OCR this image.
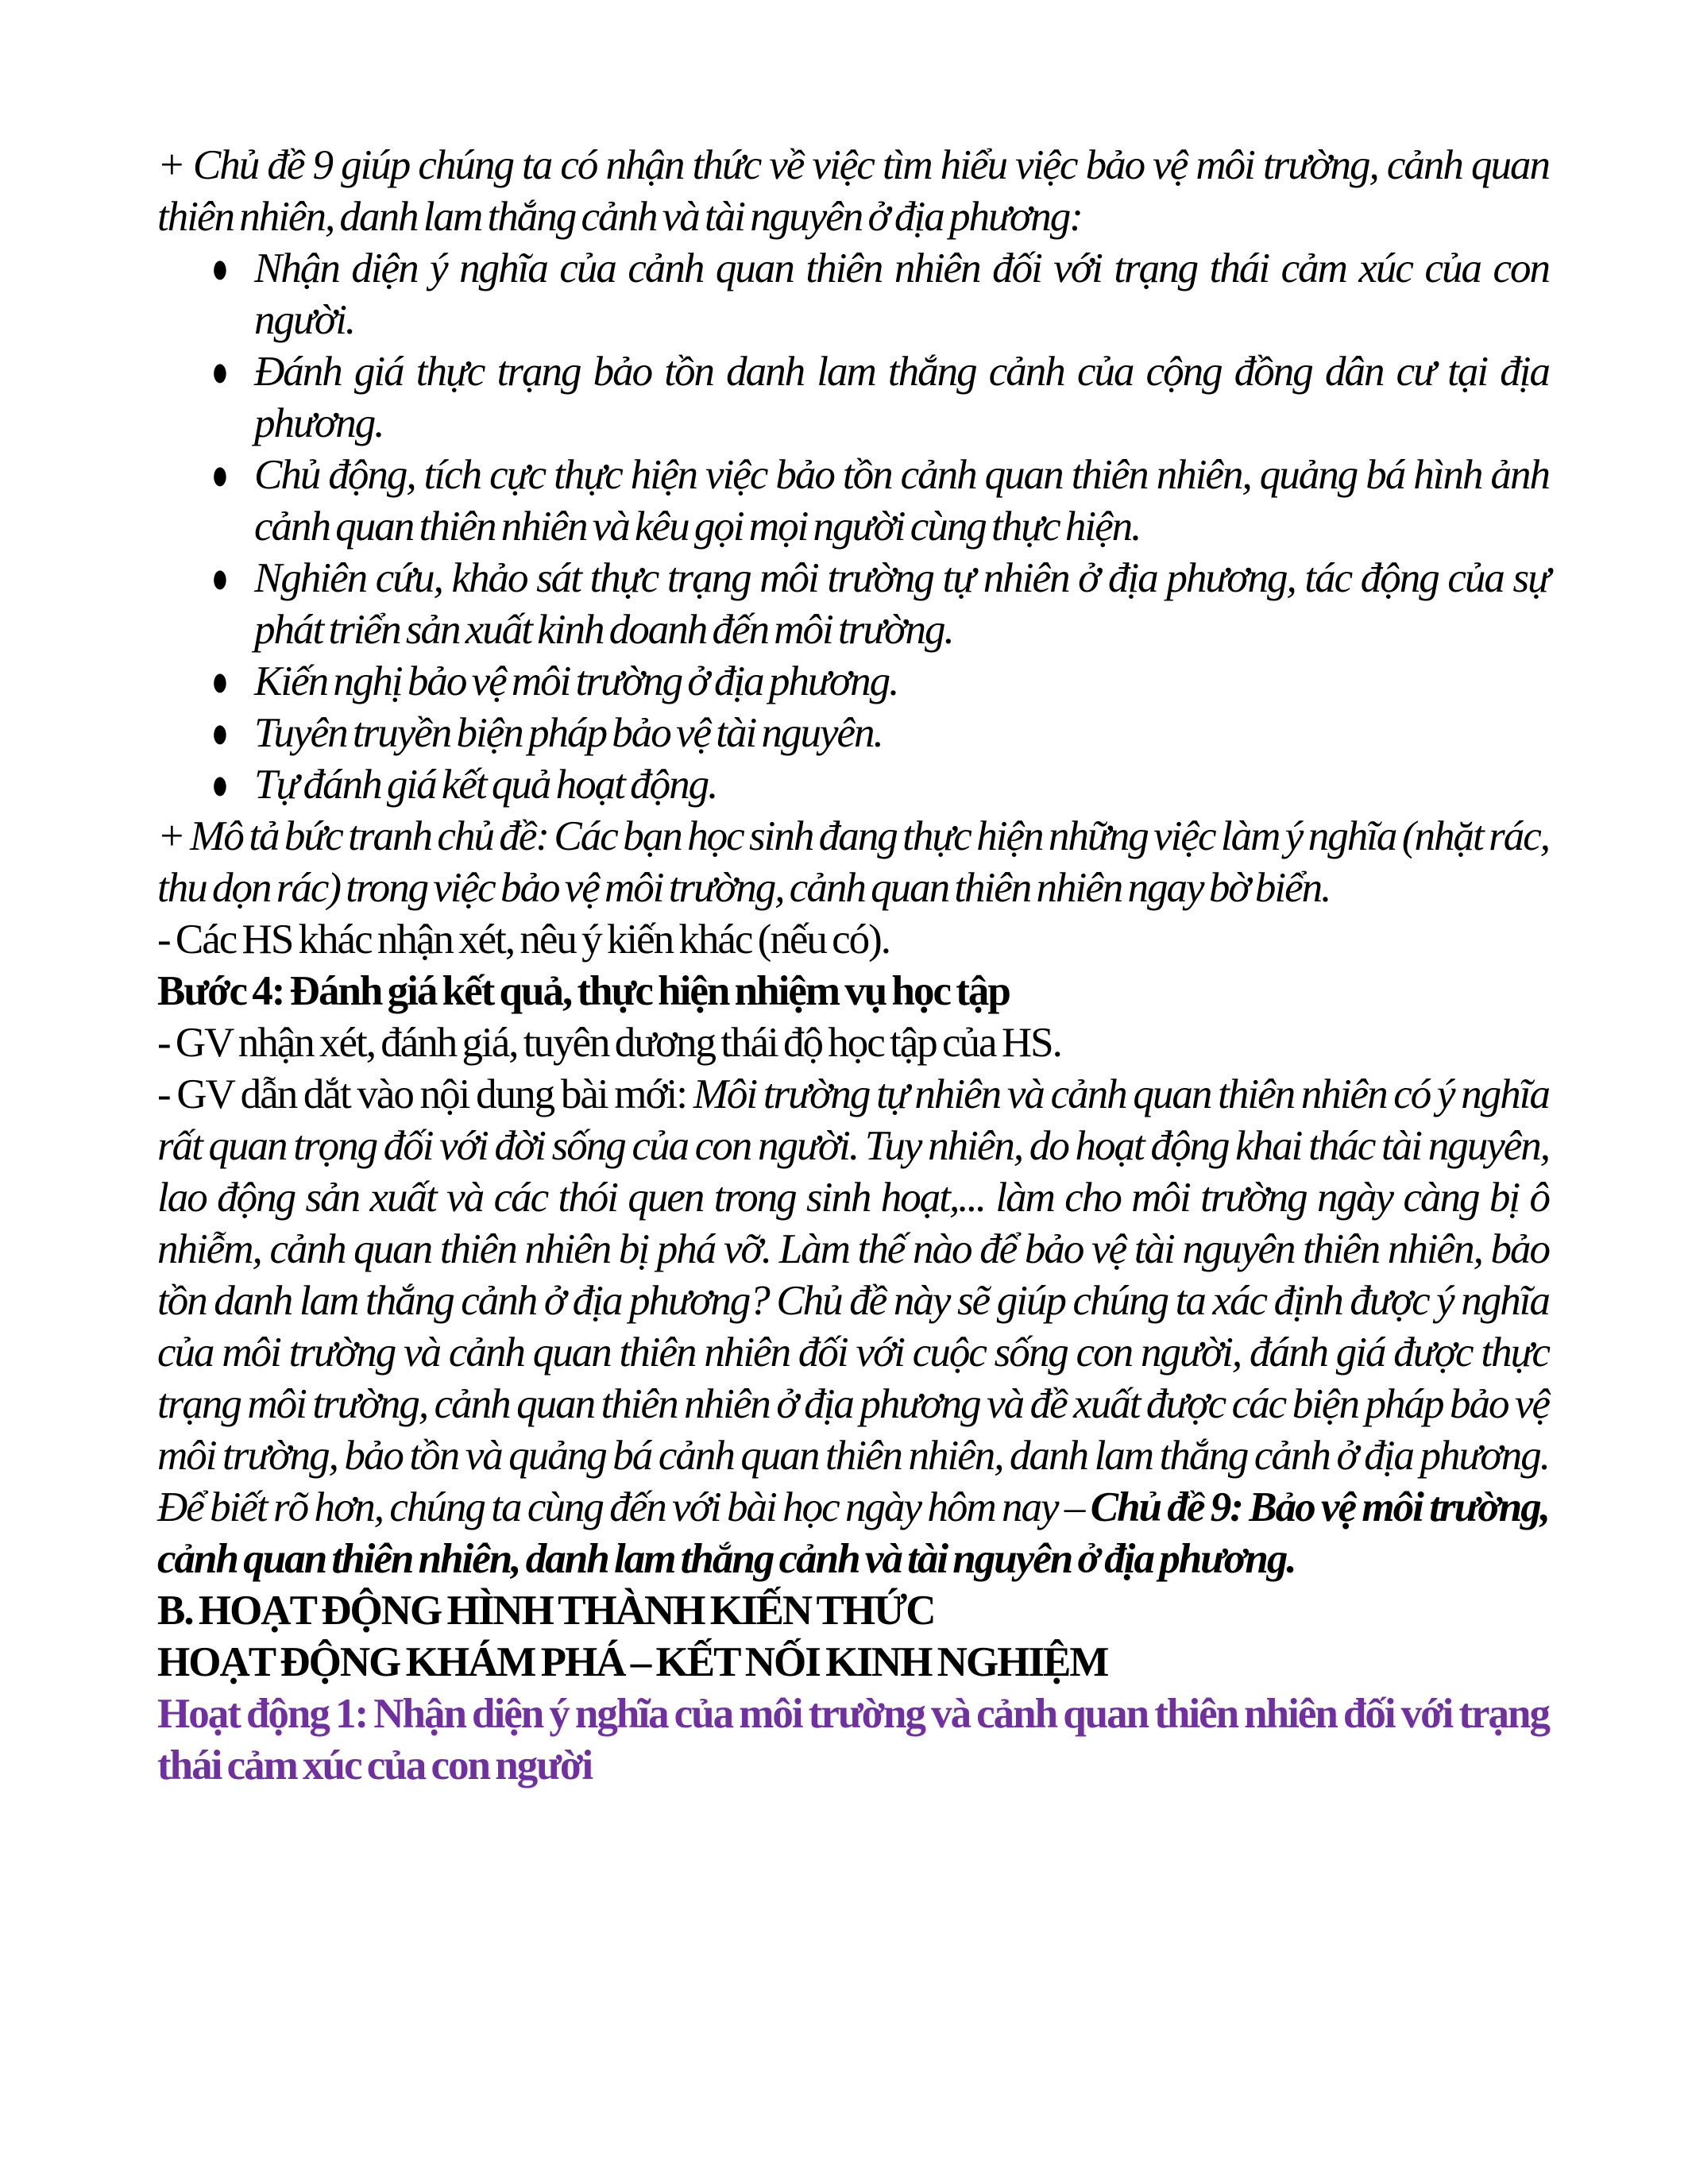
+ Chủ đề 9 giúp chúng ta có nhận thức về việc tìm hiểu việc bảo vệ môi trường, cảnh quan thiên nhiên, danh lam thắng cảnh và tài nguyên ở địa phương:

● Nhận diện ý nghĩa của cảnh quan thiên nhiên đối với trạng thái cảm xúc của con người.
● Đánh giá thực trạng bảo tồn danh lam thắng cảnh của cộng đồng dân cư tại địa phương.
● Chủ động, tích cực thực hiện việc bảo tồn cảnh quan thiên nhiên, quảng bá hình ảnh cảnh quan thiên nhiên và kêu gọi mọi người cùng thực hiện.
● Nghiên cứu, khảo sát thực trạng môi trường tự nhiên ở địa phương, tác động của sự phát triển sản xuất kinh doanh đến môi trường.
● Kiến nghị bảo vệ môi trường ở địa phương.
● Tuyên truyền biện pháp bảo vệ tài nguyên.
● Tự đánh giá kết quả hoạt động.

+ Mô tả bức tranh chủ đề: Các bạn học sinh đang thực hiện những việc làm ý nghĩa (nhặt rác, thu dọn rác) trong việc bảo vệ môi trường, cảnh quan thiên nhiên ngay bờ biển.

- Các HS khác nhận xét, nêu ý kiến khác (nếu có).

Bước 4: Đánh giá kết quả, thực hiện nhiệm vụ học tập

- GV nhận xét, đánh giá, tuyên dương thái độ học tập của HS.

- GV dẫn dắt vào nội dung bài mới: Môi trường tự nhiên và cảnh quan thiên nhiên có ý nghĩa rất quan trọng đối với đời sống của con người. Tuy nhiên, do hoạt động khai thác tài nguyên, lao động sản xuất và các thói quen trong sinh hoạt,... làm cho môi trường ngày càng bị ô nhiễm, cảnh quan thiên nhiên bị phá vỡ. Làm thế nào để bảo vệ tài nguyên thiên nhiên, bảo tồn danh lam thắng cảnh ở địa phương? Chủ đề này sẽ giúp chúng ta xác định được ý nghĩa của môi trường và cảnh quan thiên nhiên đối với cuộc sống con người, đánh giá được thực trạng môi trường, cảnh quan thiên nhiên ở địa phương và đề xuất được các biện pháp bảo vệ môi trường, bảo tồn và quảng bá cảnh quan thiên nhiên, danh lam thắng cảnh ở địa phương. Để biết rõ hơn, chúng ta cùng đến với bài học ngày hôm nay – Chủ đề 9: Bảo vệ môi trường, cảnh quan thiên nhiên, danh lam thắng cảnh và tài nguyên ở địa phương.

B. HOẠT ĐỘNG HÌNH THÀNH KIẾN THỨC

HOẠT ĐỘNG KHÁM PHÁ – KẾT NỐI KINH NGHIỆM

Hoạt động 1: Nhận diện ý nghĩa của môi trường và cảnh quan thiên nhiên đối với trạng thái cảm xúc của con người
